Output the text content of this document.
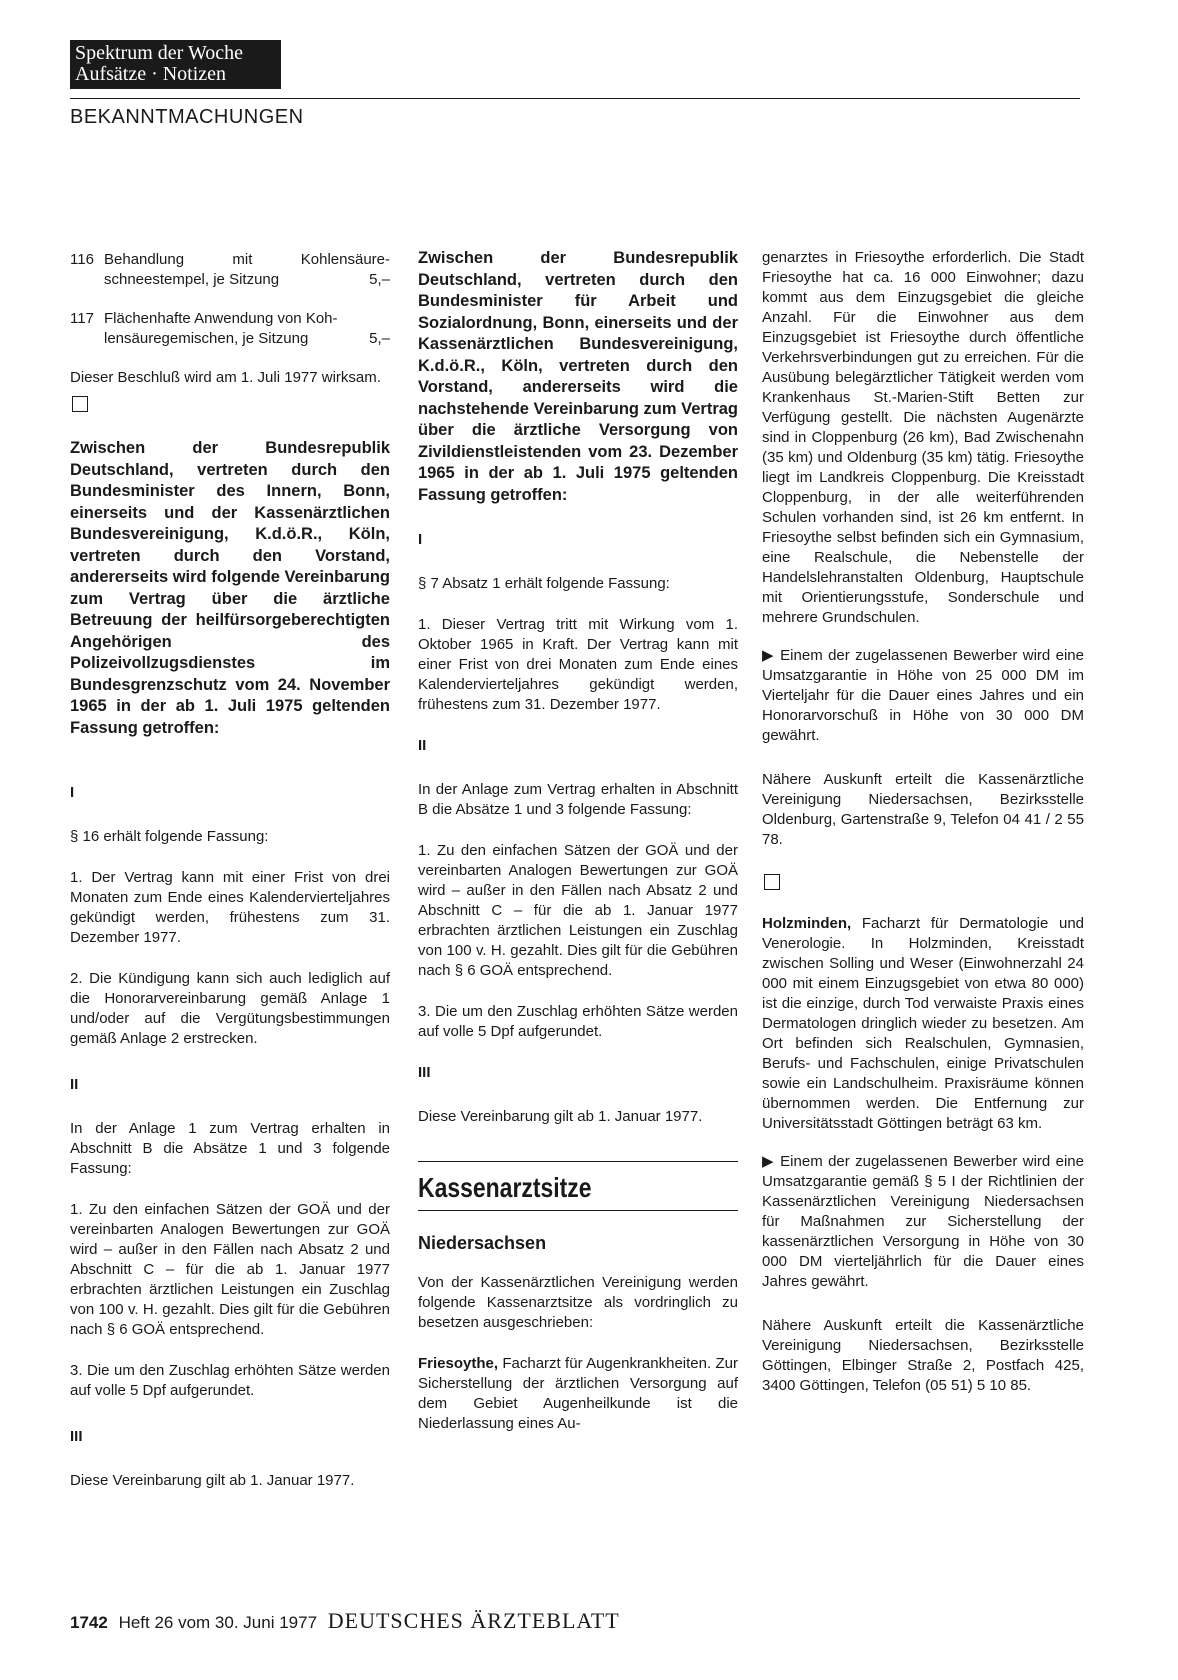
Spektrum der Woche
Aufsätze · Notizen
BEKANNTMACHUNGEN
116 Behandlung	mit	Kohlensäure-
schneestempel, je Sitzung	5,–
117 Flächenhafte Anwendung von Koh-
lensäuregemischen, je Sitzung	5,–

Dieser Beschluß wird am 1. Juli 1977 wirksam.

Zwischen der Bundesrepublik Deutschland, vertreten durch den Bundesminister des Innern, Bonn, einerseits und der Kassenärztlichen Bundesvereinigung, K.d.ö.R., Köln, vertreten durch den Vorstand, andererseits wird folgende Vereinbarung zum Vertrag über die ärztliche Betreuung der heilfürsorgeberechtigten Angehörigen des Polizeivollzugsdienstes im Bundesgrenzschutz vom 24. November 1965 in der ab 1. Juli 1975 geltenden Fassung getroffen:

I

§ 16 erhält folgende Fassung:

1. Der Vertrag kann mit einer Frist von drei Monaten zum Ende eines Kalendervierteljahres gekündigt werden, frühestens zum 31. Dezember 1977.

2. Die Kündigung kann sich auch lediglich auf die Honorarvereinbarung gemäß Anlage 1 und/oder auf die Vergütungsbestimmungen gemäß Anlage 2 erstrecken.

II

In der Anlage 1 zum Vertrag erhalten in Abschnitt B die Absätze 1 und 3 folgende Fassung:

1. Zu den einfachen Sätzen der GOÄ und der vereinbarten Analogen Bewertungen zur GOÄ wird – außer in den Fällen nach Absatz 2 und Abschnitt C – für die ab 1. Januar 1977 erbrachten ärztlichen Leistungen ein Zuschlag von 100 v. H. gezahlt. Dies gilt für die Gebühren nach § 6 GOÄ entsprechend.

3. Die um den Zuschlag erhöhten Sätze werden auf volle 5 Dpf aufgerundet.

III

Diese Vereinbarung gilt ab 1. Januar 1977.

Zwischen der Bundesrepublik Deutschland, vertreten durch den Bundesminister für Arbeit und Sozialordnung, Bonn, einerseits und der Kassenärztlichen Bundesvereinigung, K.d.ö.R., Köln, vertreten durch den Vorstand, andererseits wird die nachstehende Vereinbarung zum Vertrag über die ärztliche Versorgung von Zivildienstleistenden vom 23. Dezember 1965 in der ab 1. Juli 1975 geltenden Fassung getroffen:

I

§ 7 Absatz 1 erhält folgende Fassung:

1. Dieser Vertrag tritt mit Wirkung vom 1. Oktober 1965 in Kraft. Der Vertrag kann mit einer Frist von drei Monaten zum Ende eines Kalendervierteljahres gekündigt werden, frühestens zum 31. Dezember 1977.

II

In der Anlage zum Vertrag erhalten in Abschnitt B die Absätze 1 und 3 folgende Fassung:

1. Zu den einfachen Sätzen der GOÄ und der vereinbarten Analogen Bewertungen zur GOÄ wird – außer in den Fällen nach Absatz 2 und Abschnitt C – für die ab 1. Januar 1977 erbrachten ärztlichen Leistungen ein Zuschlag von 100 v. H. gezahlt. Dies gilt für die Gebühren nach § 6 GOÄ entsprechend.

3. Die um den Zuschlag erhöhten Sätze werden auf volle 5 Dpf aufgerundet.

III

Diese Vereinbarung gilt ab 1. Januar 1977.

Kassenarztsitze
Niedersachsen

Von der Kassenärztlichen Vereinigung werden folgende Kassenarztsitze als vordringlich zu besetzen ausgeschrieben:

Friesoythe, Facharzt für Augenkrankheiten. Zur Sicherstellung der ärztlichen Versorgung auf dem Gebiet Augenheilkunde ist die Niederlassung eines Au-

genarztes in Friesoythe erforderlich. Die Stadt Friesoythe hat ca. 16 000 Einwohner; dazu kommt aus dem Einzugsgebiet die gleiche Anzahl. Für die Einwohner aus dem Einzugsgebiet ist Friesoythe durch öffentliche Verkehrsverbindungen gut zu erreichen. Für die Ausübung belegärztlicher Tätigkeit werden vom Krankenhaus St.-Marien-Stift Betten zur Verfügung gestellt. Die nächsten Augenärzte sind in Cloppenburg (26 km), Bad Zwischenahn (35 km) und Oldenburg (35 km) tätig. Friesoythe liegt im Landkreis Cloppenburg. Die Kreisstadt Cloppenburg, in der alle weiterführenden Schulen vorhanden sind, ist 26 km entfernt. In Friesoythe selbst befinden sich ein Gymnasium, eine Realschule, die Nebenstelle der Handelslehranstalten Oldenburg, Hauptschule mit Orientierungsstufe, Sonderschule und mehrere Grundschulen.

▶ Einem der zugelassenen Bewerber wird eine Umsatzgarantie in Höhe von 25 000 DM im Vierteljahr für die Dauer eines Jahres und ein Honorarvorschuß in Höhe von 30 000 DM gewährt.

Nähere Auskunft erteilt die Kassenärztliche Vereinigung Niedersachsen, Bezirksstelle Oldenburg, Gartenstraße 9, Telefon 04 41 / 2 55 78.

Holzminden, Facharzt für Dermatologie und Venerologie. In Holzminden, Kreisstadt zwischen Solling und Weser (Einwohnerzahl 24 000 mit einem Einzugsgebiet von etwa 80 000) ist die einzige, durch Tod verwaiste Praxis eines Dermatologen dringlich wieder zu besetzen. Am Ort befinden sich Realschulen, Gymnasien, Berufs- und Fachschulen, einige Privatschulen sowie ein Landschulheim. Praxisräume können übernommen werden. Die Entfernung zur Universitätsstadt Göttingen beträgt 63 km.

▶ Einem der zugelassenen Bewerber wird eine Umsatzgarantie gemäß § 5 I der Richtlinien der Kassenärztlichen Vereinigung Niedersachsen für Maßnahmen zur Sicherstellung der kassenärztlichen Versorgung in Höhe von 30 000 DM vierteljährlich für die Dauer eines Jahres gewährt.

Nähere Auskunft erteilt die Kassenärztliche Vereinigung Niedersachsen, Bezirksstelle Göttingen, Elbinger Straße 2, Postfach 425, 3400 Göttingen, Telefon (05 51) 5 10 85.

1742 Heft 26 vom 30. Juni 1977 DEUTSCHES ÄRZTEBLATT
